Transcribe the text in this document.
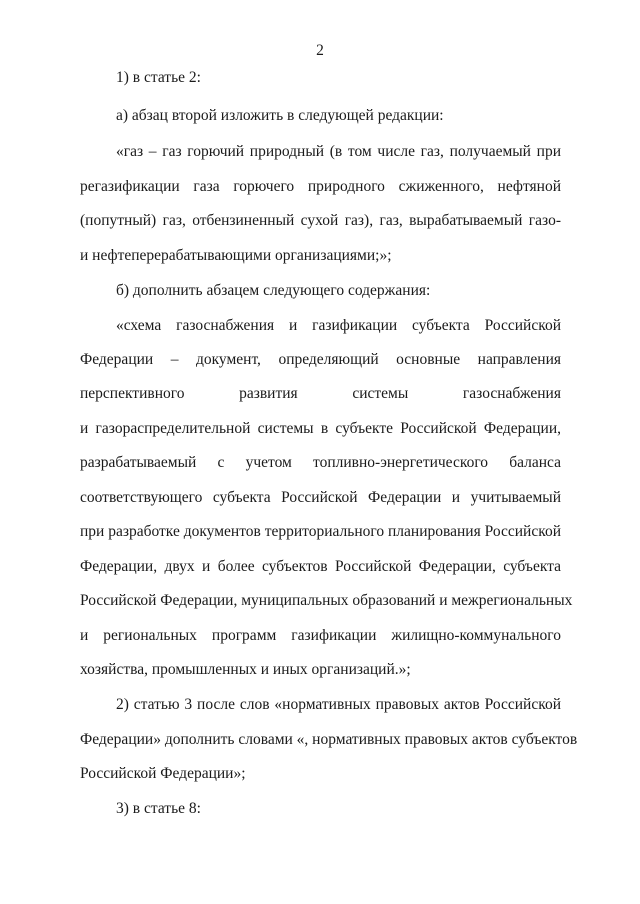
2
1) в статье 2:
а) абзац второй изложить в следующей редакции:
«газ – газ горючий природный (в том числе газ, получаемый при
регазификации газа горючего природного сжиженного, нефтяной
(попутный) газ, отбензиненный сухой газ), газ, вырабатываемый газо-
и нефтеперерабатывающими организациями;»;
б) дополнить абзацем следующего содержания:
«схема газоснабжения и газификации субъекта Российской
Федерации – документ, определяющий основные направления
перспективного развития системы газоснабжения
и газораспределительной системы в субъекте Российской Федерации,
разрабатываемый с учетом топливно-энергетического баланса
соответствующего субъекта Российской Федерации и учитываемый
при разработке документов территориального планирования Российской
Федерации, двух и более субъектов Российской Федерации, субъекта
Российской Федерации, муниципальных образований и межрегиональных
и региональных программ газификации жилищно-коммунального
хозяйства, промышленных и иных организаций.»;
2) статью 3 после слов «нормативных правовых актов Российской
Федерации» дополнить словами «, нормативных правовых актов субъектов
Российской Федерации»;
3) в статье 8:
